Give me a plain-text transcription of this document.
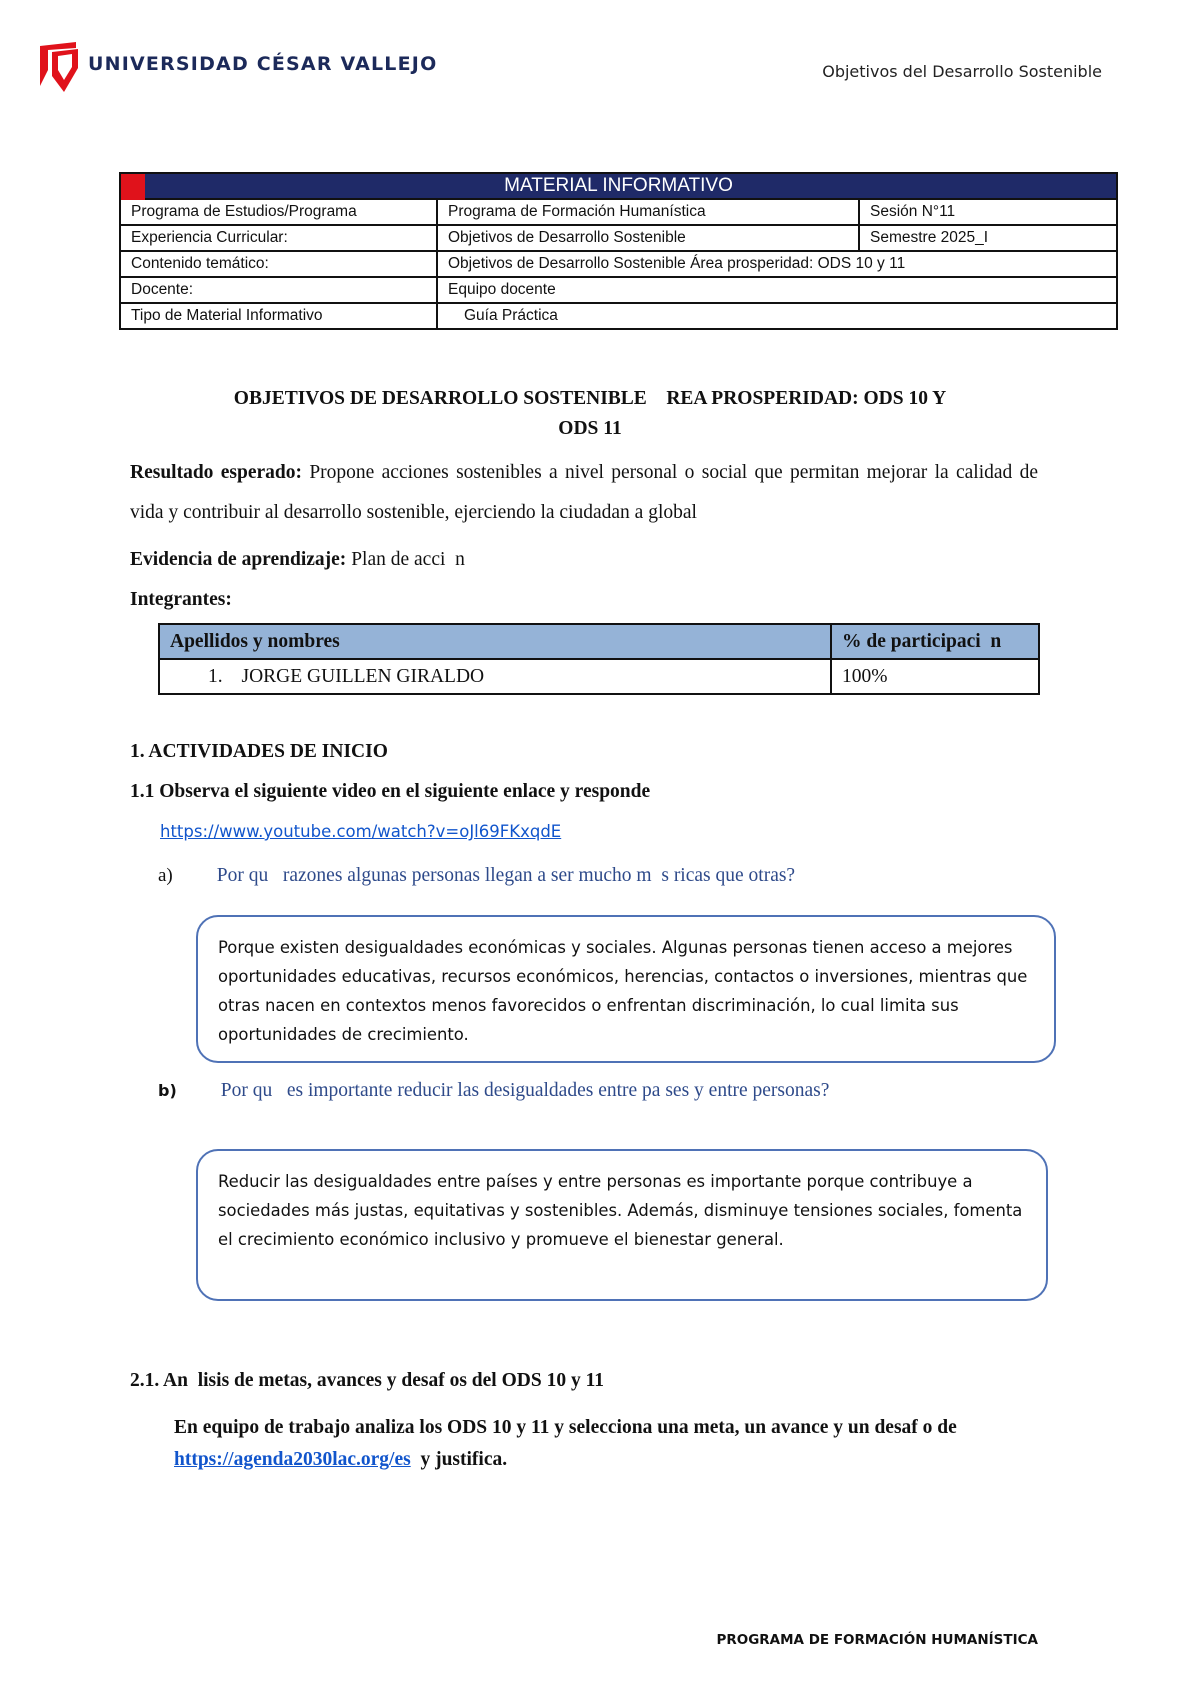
UNIVERSIDAD CÉSAR VALLEJO	Objetivos del Desarrollo Sostenible
MATERIAL INFORMATIVO		
Programa de Estudios/Programa	Programa de Formación Humanística	Sesión N°11
Experiencia Curricular:	Objetivos de Desarrollo Sostenible	Semestre 2025_I
Contenido temático:	Objetivos de Desarrollo Sostenible Área prosperidad: ODS 10 y 11	
Docente:	Equipo docente	
Tipo de Material Informativo	Guía Práctica	
OBJETIVOS DE DESARROLLO SOSTENIBLE    REA PROSPERIDAD: ODS 10 Y
ODS 11
Resultado esperado: Propone acciones sostenibles a nivel personal o social que permitan mejorar la calidad de vida y contribuir al desarrollo sostenible, ejerciendo la ciudadan a global
Evidencia de aprendizaje: Plan de acci  n
Integrantes:
Apellidos y nombres	% de participaci  n
1. JORGE GUILLEN GIRALDO	100%
1. ACTIVIDADES DE INICIO
1.1 Observa el siguiente video en el siguiente enlace y responde
https://www.youtube.com/watch?v=oJl69FKxqdE
a) Por qu   razones algunas personas llegan a ser mucho m  s ricas que otras?
Porque existen desigualdades económicas y sociales. Algunas personas tienen acceso a mejores oportunidades educativas, recursos económicos, herencias, contactos o inversiones, mientras que otras nacen en contextos menos favorecidos o enfrentan discriminación, lo cual limita sus oportunidades de crecimiento.
b) Por qu   es importante reducir las desigualdades entre pa ses y entre personas?
Reducir las desigualdades entre países y entre personas es importante porque contribuye a sociedades más justas, equitativas y sostenibles. Además, disminuye tensiones sociales, fomenta el crecimiento económico inclusivo y promueve el bienestar general.
2.1. An  lisis de metas, avances y desaf os del ODS 10 y 11
En equipo de trabajo analiza los ODS 10 y 11 y selecciona una meta, un avance y un desaf o de https://agenda2030lac.org/es  y justifica.
PROGRAMA DE FORMACIÓN HUMANÍSTICA
